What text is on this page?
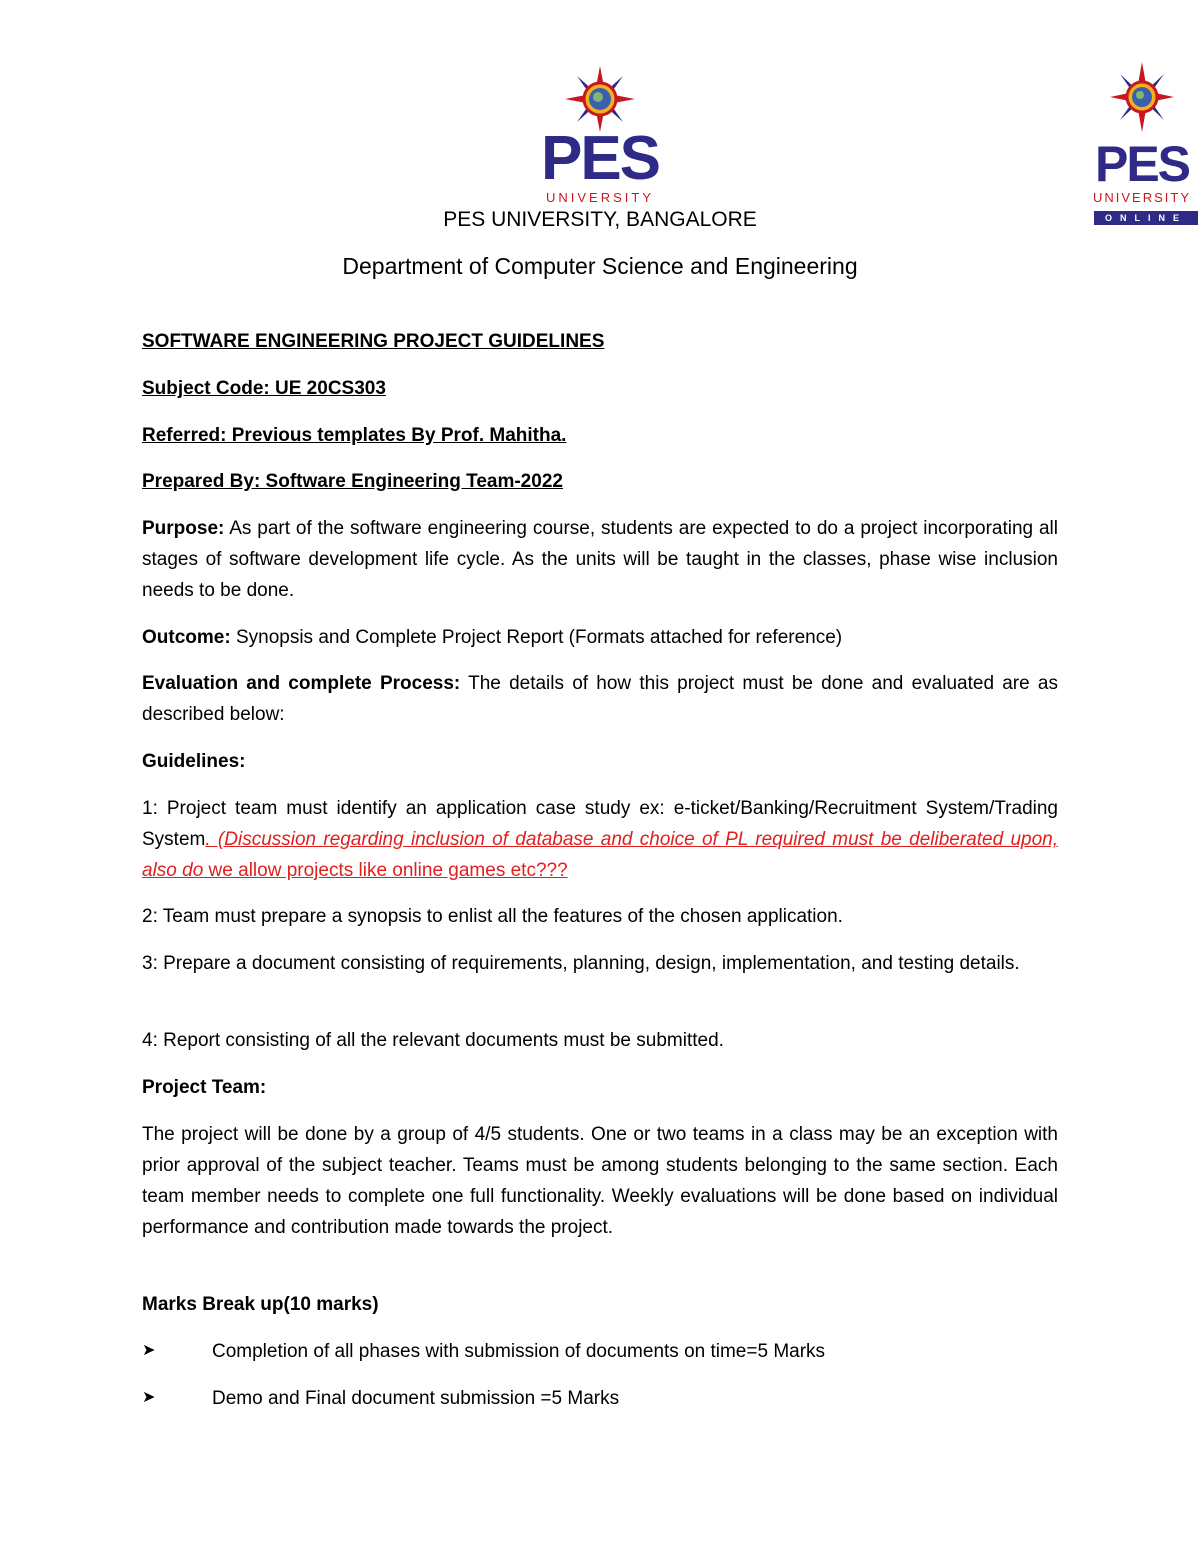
PES
UNIVERSITY
PES
UNIVERSITY
ONLINE
PES UNIVERSITY, BANGALORE
Department of Computer Science and Engineering
SOFTWARE ENGINEERING PROJECT GUIDELINES
Subject Code: UE 20CS303
Referred: Previous templates By Prof. Mahitha.
Prepared By: Software Engineering Team-2022
Purpose: As part of the software engineering course, students are expected to do a project incorporating all stages of software development life cycle. As the units will be taught in the classes, phase wise inclusion needs to be done.
Outcome: Synopsis and Complete Project Report (Formats attached for reference)
Evaluation and complete Process: The details of how this project must be done and evaluated are as described below:
Guidelines:
1: Project team must identify an application case study ex: e-ticket/Banking/Recruitment System/Trading System. (Discussion regarding inclusion of database and choice of PL required must be deliberated upon, also do we allow projects like online games etc???
2: Team must prepare a synopsis to enlist all the features of the chosen application.
3: Prepare a document consisting of requirements, planning, design, implementation, and testing details.
4: Report consisting of all the relevant documents must be submitted.
Project Team:
The project will be done by a group of 4/5 students. One or two teams in a class may be an exception with prior approval of the subject teacher. Teams must be among students belonging to the same section. Each team member needs to complete one full functionality. Weekly evaluations will be done based on individual performance and contribution made towards the project.
Marks Break up(10 marks)
➤	Completion of all phases with submission of documents on time=5 Marks
➤	Demo and Final document submission =5 Marks
